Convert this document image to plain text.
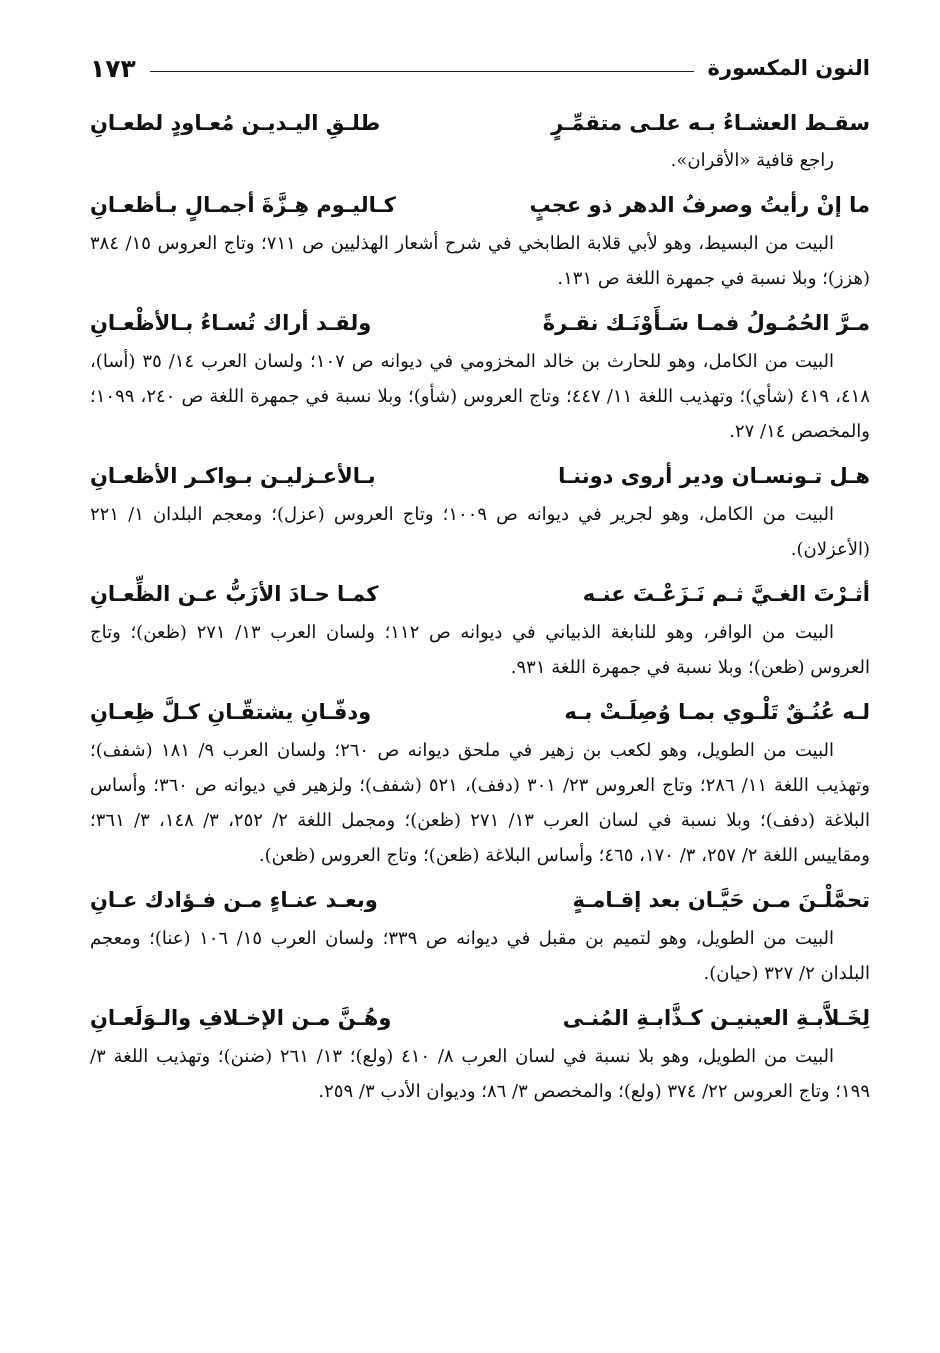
النون المكسورة
١٧٣
سقـط العشـاءُ بـه علـى متقمِّـرٍ
طلـقِ اليـديـن مُعـاودٍ لطعـانِ

راجع قافية «الأقران».

ما إنْ رأيتُ وصرفُ الدهر ذو عجبٍ
كـاليـوم هِـزَّةَ أجمـالٍ بـأظعـانِ

البيت من البسيط، وهو لأبي قلابة الطابخي في شرح أشعار الهذليين ص ٧١١؛ وتاج العروس ١٥/ ٣٨٤ (هزز)؛ وبلا نسبة في جمهرة اللغة ص ١٣١.

مـرَّ الحُمُـولُ فمـا سَـأَوْنَـك نقـرةً
ولقـد أراك تُسـاءُ بـالأظْعـانِ

البيت من الكامل، وهو للحارث بن خالد المخزومي في ديوانه ص ١٠٧؛ ولسان العرب ١٤/ ٣٥ (أسا)، ٤١٨، ٤١٩ (شأي)؛ وتهذيب اللغة ١١/ ٤٤٧؛ وتاج العروس (شأو)؛ وبلا نسبة في جمهرة اللغة ص ٢٤٠، ١٠٩٩؛ والمخصص ١٤/ ٢٧.

هـل تـونسـان ودير أروى دوننـا
بـالأعـزليـن بـواكـر الأظعـانِ

البيت من الكامل، وهو لجرير في ديوانه ص ١٠٠٩؛ وتاج العروس (عزل)؛ ومعجم البلدان ١/ ٢٢١ (الأعزلان).

أثـرْتَ الغـيَّ ثـم نَـزَعْـتَ عنـه
كمـا حـادَ الأزَبُّ عـن الظِّعـانِ

البيت من الوافر، وهو للنابغة الذبياني في ديوانه ص ١١٢؛ ولسان العرب ١٣/ ٢٧١ (ظعن)؛ وتاج العروس (ظعن)؛ وبلا نسبة في جمهرة اللغة ٩٣١.

لـه عُنُـقٌ تَلْـوي بمـا وُصِلَـتْ بـه
ودفّـانِ يشتقّـانِ كـلَّ ظِعـانِ

البيت من الطويل، وهو لكعب بن زهير في ملحق ديوانه ص ٢٦٠؛ ولسان العرب ٩/ ١٨١ (شفف)؛ وتهذيب اللغة ١١/ ٢٨٦؛ وتاج العروس ٢٣/ ٣٠١ (دفف)، ٥٢١ (شفف)؛ ولزهير في ديوانه ص ٣٦٠؛ وأساس البلاغة (دفف)؛ وبلا نسبة في لسان العرب ١٣/ ٢٧١ (ظعن)؛ ومجمل اللغة ٢/ ٢٥٢، ٣/ ١٤٨، ٣/ ٣٦١؛ ومقاييس اللغة ٢/ ٢٥٧، ٣/ ١٧٠، ٤٦٥؛ وأساس البلاغة (ظعن)؛ وتاج العروس (ظعن).

تحمَّلْـنَ مـن حَيَّـان بعد إقـامـةٍ
وبعـد عنـاءٍ مـن فـؤادك عـانِ

البيت من الطويل، وهو لتميم بن مقبل في ديوانه ص ٣٣٩؛ ولسان العرب ١٥/ ١٠٦ (عنا)؛ ومعجم البلدان ٢/ ٣٢٧ (حيان).

لِخَـلاَّبـةِ العينيـن كـذَّابـةِ المُنـى
وهُـنَّ مـن الإخـلافِ والـوَلَعـانِ

البيت من الطويل، وهو بلا نسبة في لسان العرب ٨/ ٤١٠ (ولع)؛ ١٣/ ٢٦١ (ضنن)؛ وتهذيب اللغة ٣/ ١٩٩؛ وتاج العروس ٢٢/ ٣٧٤ (ولع)؛ والمخصص ٣/ ٨٦؛ وديوان الأدب ٣/ ٢٥٩.
